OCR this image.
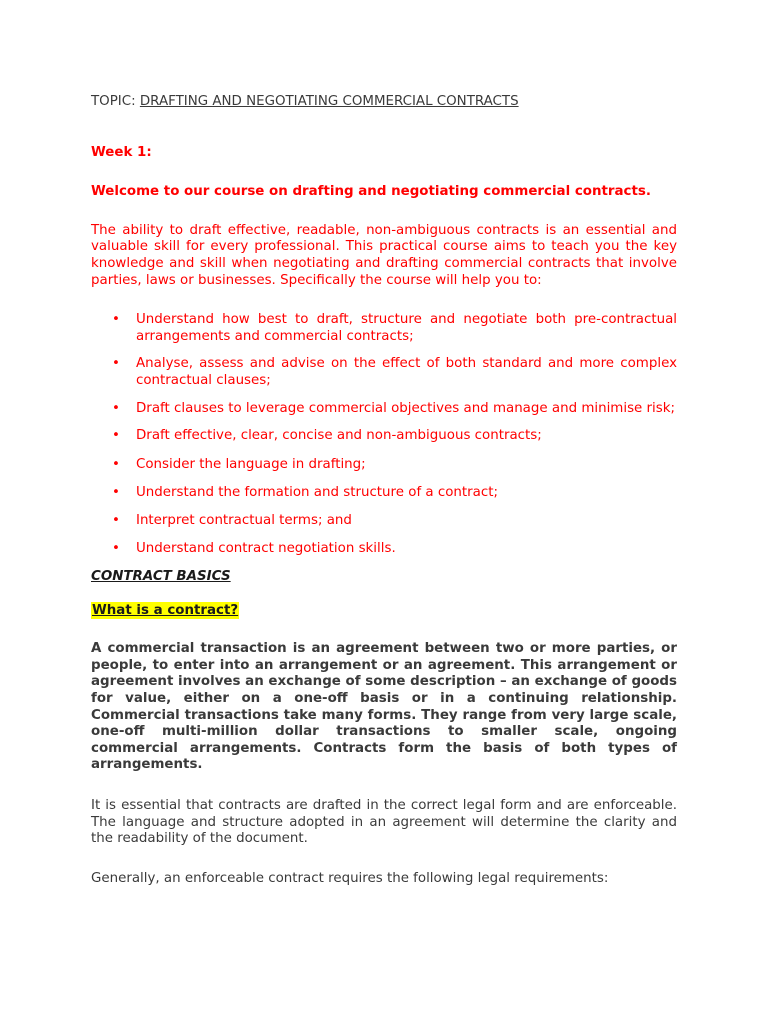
TOPIC: DRAFTING AND NEGOTIATING COMMERCIAL CONTRACTS

Week 1:

Welcome to our course on drafting and negotiating commercial contracts.

The ability to draft effective, readable, non-ambiguous contracts is an essential and valuable skill for every professional. This practical course aims to teach you the key knowledge and skill when negotiating and drafting commercial contracts that involve parties, laws or businesses. Specifically the course will help you to:

• Understand how best to draft, structure and negotiate both pre-contractual arrangements and commercial contracts;
• Analyse, assess and advise on the effect of both standard and more complex contractual clauses;
• Draft clauses to leverage commercial objectives and manage and minimise risk;
• Draft effective, clear, concise and non-ambiguous contracts;
• Consider the language in drafting;
• Understand the formation and structure of a contract;
• Interpret contractual terms; and
• Understand contract negotiation skills.

CONTRACT BASICS

What is a contract?

A commercial transaction is an agreement between two or more parties, or people, to enter into an arrangement or an agreement. This arrangement or agreement involves an exchange of some description – an exchange of goods for value, either on a one-off basis or in a continuing relationship. Commercial transactions take many forms. They range from very large scale, one-off multi-million dollar transactions to smaller scale, ongoing commercial arrangements. Contracts form the basis of both types of arrangements.

It is essential that contracts are drafted in the correct legal form and are enforceable. The language and structure adopted in an agreement will determine the clarity and the readability of the document.

Generally, an enforceable contract requires the following legal requirements:
